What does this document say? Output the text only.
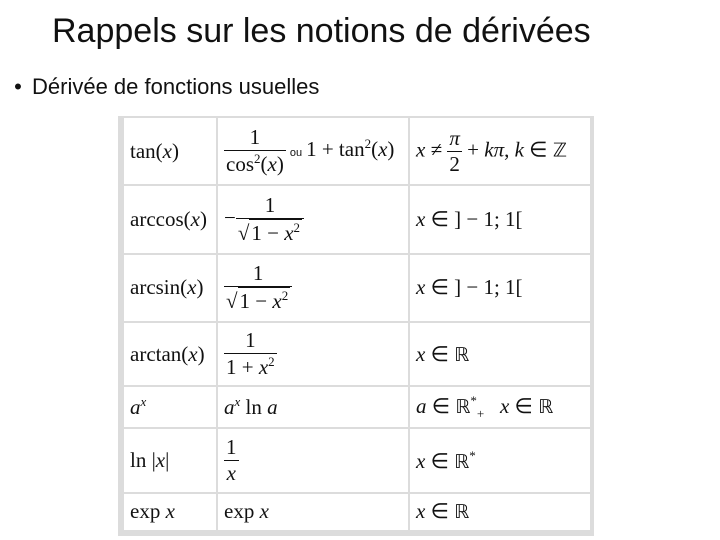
Rappels sur les notions de dérivées
• Dérivée de fonctions usuelles
tan(x)	$\frac{1}{\cos^2(x)}$ ou $1 + \tan^2(x)$	$x \ne \frac{\pi}{2} + k\pi$, k ∈ ℤ
arccos(x)	− $\frac{1}{√1 - x^2}$	x ∈ ] − 1; 1[
arcsin(x)	$\frac{1}{√1 - x^2}$	x ∈ ] − 1; 1[
arctan(x)	$\frac{1}{1 + x^2}$	x ∈ ℝ
$a^x$	$a^x$ ln a	a ∈ ℝ*$_+$ x ∈ ℝ
ln |x|	$\frac{1}{x}$	x ∈ ℝ*
exp x	exp x	x ∈ ℝ
